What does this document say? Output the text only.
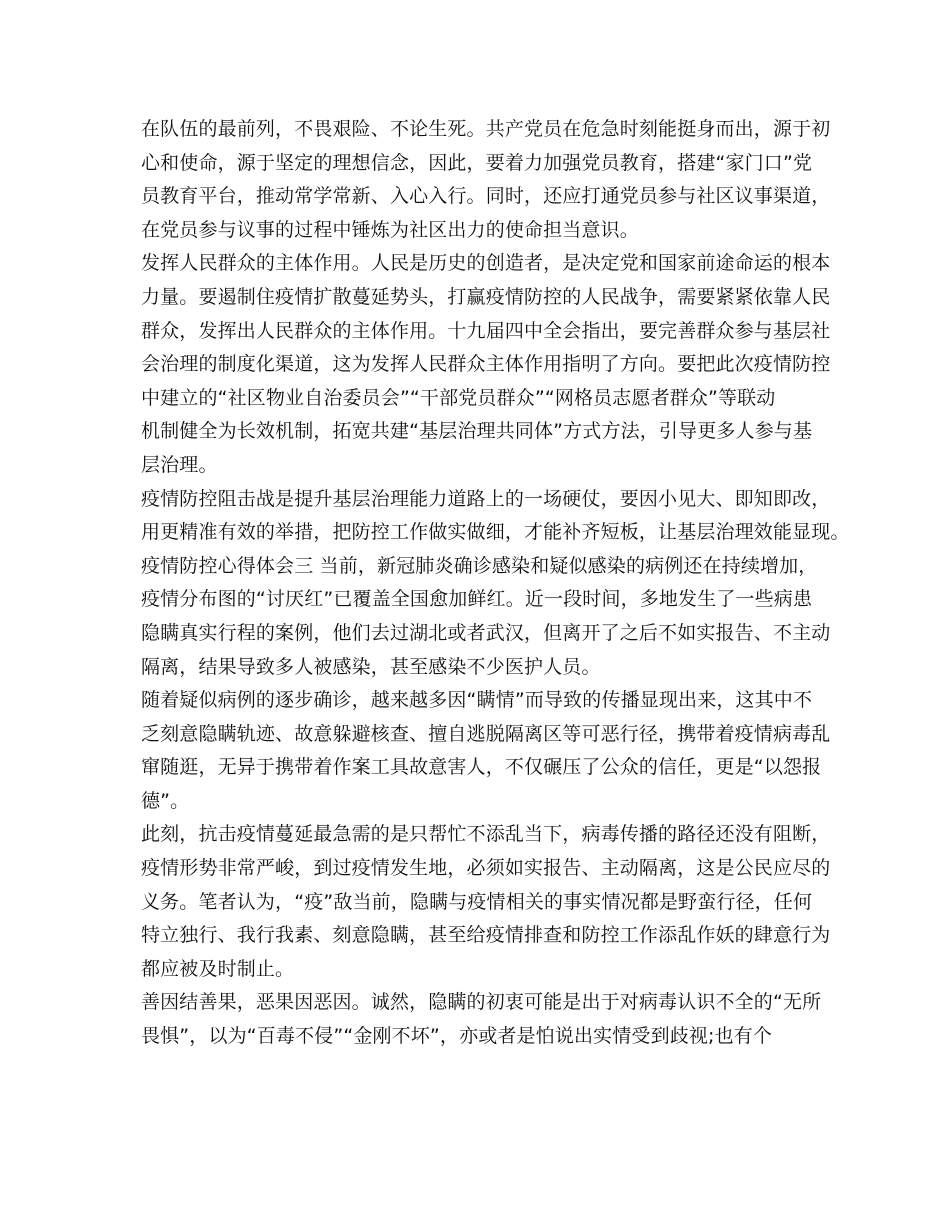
在队伍的最前列，不畏艰险、不论生死。共产党员在危急时刻能挺身而出，源于初
心和使命，源于坚定的理想信念，因此，要着力加强党员教育，搭建“家门口”党
员教育平台，推动常学常新、入心入行。同时，还应打通党员参与社区议事渠道，
在党员参与议事的过程中锤炼为社区出力的使命担当意识。
发挥人民群众的主体作用。人民是历史的创造者，是决定党和国家前途命运的根本
力量。要遏制住疫情扩散蔓延势头，打赢疫情防控的人民战争，需要紧紧依靠人民
群众，发挥出人民群众的主体作用。十九届四中全会指出，要完善群众参与基层社
会治理的制度化渠道，这为发挥人民群众主体作用指明了方向。要把此次疫情防控
中建立的“社区物业自治委员会”“干部党员群众”“网格员志愿者群众”等联动
机制健全为长效机制，拓宽共建“基层治理共同体”方式方法，引导更多人参与基
层治理。
疫情防控阻击战是提升基层治理能力道路上的一场硬仗，要因小见大、即知即改，
用更精准有效的举措，把防控工作做实做细，才能补齐短板，让基层治理效能显现。
疫情防控心得体会三 当前，新冠肺炎确诊感染和疑似感染的病例还在持续增加，
疫情分布图的“讨厌红”已覆盖全国愈加鲜红。近一段时间，多地发生了一些病患
隐瞒真实行程的案例，他们去过湖北或者武汉，但离开了之后不如实报告、不主动
隔离，结果导致多人被感染，甚至感染不少医护人员。
随着疑似病例的逐步确诊，越来越多因“瞒情”而导致的传播显现出来，这其中不
乏刻意隐瞒轨迹、故意躲避核查、擅自逃脱隔离区等可恶行径，携带着疫情病毒乱
窜随逛，无异于携带着作案工具故意害人，不仅碾压了公众的信任，更是“以怨报
德”。
此刻，抗击疫情蔓延最急需的是只帮忙不添乱当下，病毒传播的路径还没有阻断，
疫情形势非常严峻，到过疫情发生地，必须如实报告、主动隔离，这是公民应尽的
义务。笔者认为，“疫”敌当前，隐瞒与疫情相关的事实情况都是野蛮行径，任何
特立独行、我行我素、刻意隐瞒，甚至给疫情排查和防控工作添乱作妖的肆意行为
都应被及时制止。
善因结善果，恶果因恶因。诚然，隐瞒的初衷可能是出于对病毒认识不全的“无所
畏惧”，以为“百毒不侵”“金刚不坏”，亦或者是怕说出实情受到歧视;也有个
